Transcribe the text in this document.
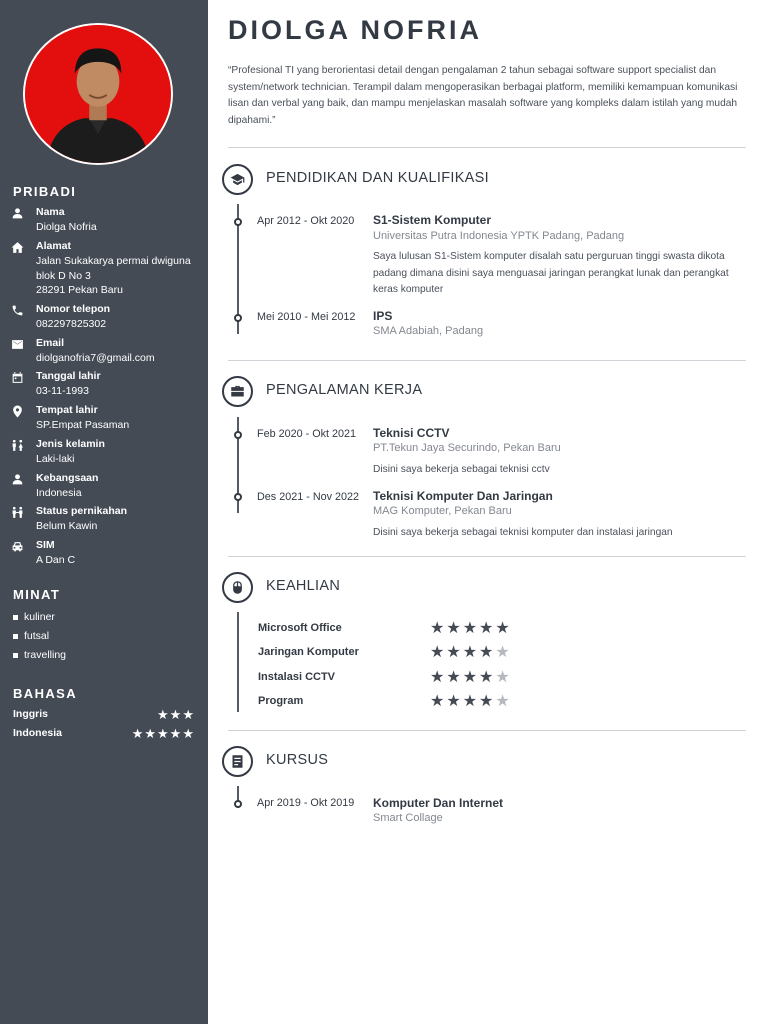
PRIBADI
Nama
Diolga Nofria
Alamat
Jalan Sukakarya permai dwiguna
blok D No 3
28291 Pekan Baru
Nomor telepon
082297825302
Email
diolganofria7@gmail.com
Tanggal lahir
03-11-1993
Tempat lahir
SP.Empat Pasaman
Jenis kelamin
Laki-laki
Kebangsaan
Indonesia
Status pernikahan
Belum Kawin
SIM
A Dan C
MINAT
kuliner
futsal
travelling
BAHASA
Inggris	★★★
Indonesia	★★★★★
DIOLGA NOFRIA
“Profesional TI yang berorientasi detail dengan pengalaman 2 tahun sebagai software support specialist dan system/network technician. Terampil dalam mengoperasikan berbagai platform, memiliki kemampuan komunikasi lisan dan verbal yang baik, dan mampu menjelaskan masalah software yang kompleks dalam istilah yang mudah dipahami.”
PENDIDIKAN DAN KUALIFIKASI
Apr 2012 - Okt 2020 S1-Sistem Komputer
Universitas Putra Indonesia YPTK Padang, Padang
Saya lulusan S1-Sistem komputer disalah satu perguruan tinggi swasta dikota padang dimana disini saya menguasai jaringan perangkat lunak dan perangkat keras komputer
Mei 2010 - Mei 2012 IPS
SMA Adabiah, Padang
PENGALAMAN KERJA
Feb 2020 - Okt 2021 Teknisi CCTV
PT.Tekun Jaya Securindo, Pekan Baru
Disini saya bekerja sebagai teknisi cctv
Des 2021 - Nov 2022 Teknisi Komputer Dan Jaringan
MAG Komputer, Pekan Baru
Disini saya bekerja sebagai teknisi komputer dan instalasi jaringan
KEAHLIAN
Microsoft Office	★★★★★
Jaringan Komputer	★★★★★
Instalasi CCTV	★★★★★
Program	★★★★★
KURSUS
Apr 2019 - Okt 2019 Komputer Dan Internet
Smart Collage
